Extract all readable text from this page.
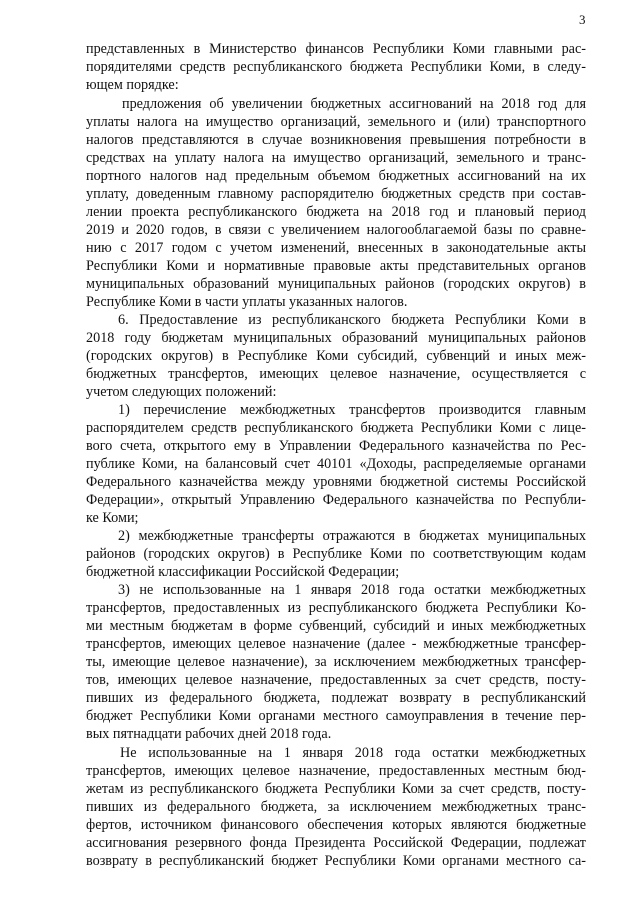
3
представленных в Министерство финансов Республики Коми главными рас-
порядителями средств республиканского бюджета Республики Коми, в следу-
ющем порядке:
предложения об увеличении бюджетных ассигнований на 2018 год для
уплаты налога на имущество организаций, земельного и (или) транспортного
налогов представляются в случае возникновения превышения потребности в
средствах на уплату налога на имущество организаций, земельного и транс-
портного налогов над предельным объемом бюджетных ассигнований на их
уплату, доведенным главному распорядителю бюджетных средств при состав-
лении проекта республиканского бюджета на 2018 год и плановый период
2019 и 2020 годов, в связи с увеличением налогооблагаемой базы по сравне-
нию с 2017 годом с учетом изменений, внесенных в законодательные акты
Республики Коми и нормативные правовые акты представительных органов
муниципальных образований муниципальных районов (городских округов) в
Республике Коми в части уплаты указанных налогов.
6. Предоставление из республиканского бюджета Республики Коми в
2018 году бюджетам муниципальных образований муниципальных районов
(городских округов) в Республике Коми субсидий, субвенций и иных меж-
бюджетных трансфертов, имеющих целевое назначение, осуществляется с
учетом следующих положений:
1) перечисление межбюджетных трансфертов производится главным
распорядителем средств республиканского бюджета Республики Коми с лице-
вого счета, открытого ему в Управлении Федерального казначейства по Рес-
публике Коми, на балансовый счет 40101 «Доходы, распределяемые органами
Федерального казначейства между уровнями бюджетной системы Российской
Федерации», открытый Управлению Федерального казначейства по Республи-
ке Коми;
2) межбюджетные трансферты отражаются в бюджетах муниципальных
районов (городских округов) в Республике Коми по соответствующим кодам
бюджетной классификации Российской Федерации;
3) не использованные на 1 января 2018 года остатки межбюджетных
трансфертов, предоставленных из республиканского бюджета Республики Ко-
ми местным бюджетам в форме субвенций, субсидий и иных межбюджетных
трансфертов, имеющих целевое назначение (далее - межбюджетные трансфер-
ты, имеющие целевое назначение), за исключением межбюджетных трансфер-
тов, имеющих целевое назначение, предоставленных за счет средств, посту-
пивших из федерального бюджета, подлежат возврату в республиканский
бюджет Республики Коми органами местного самоуправления в течение пер-
вых пятнадцати рабочих дней 2018 года.
Не использованные на 1 января 2018 года остатки межбюджетных
трансфертов, имеющих целевое назначение, предоставленных местным бюд-
жетам из республиканского бюджета Республики Коми за счет средств, посту-
пивших из федерального бюджета, за исключением межбюджетных транс-
фертов, источником финансового обеспечения которых являются бюджетные
ассигнования резервного фонда Президента Российской Федерации, подлежат
возврату в республиканский бюджет Республики Коми органами местного са-
